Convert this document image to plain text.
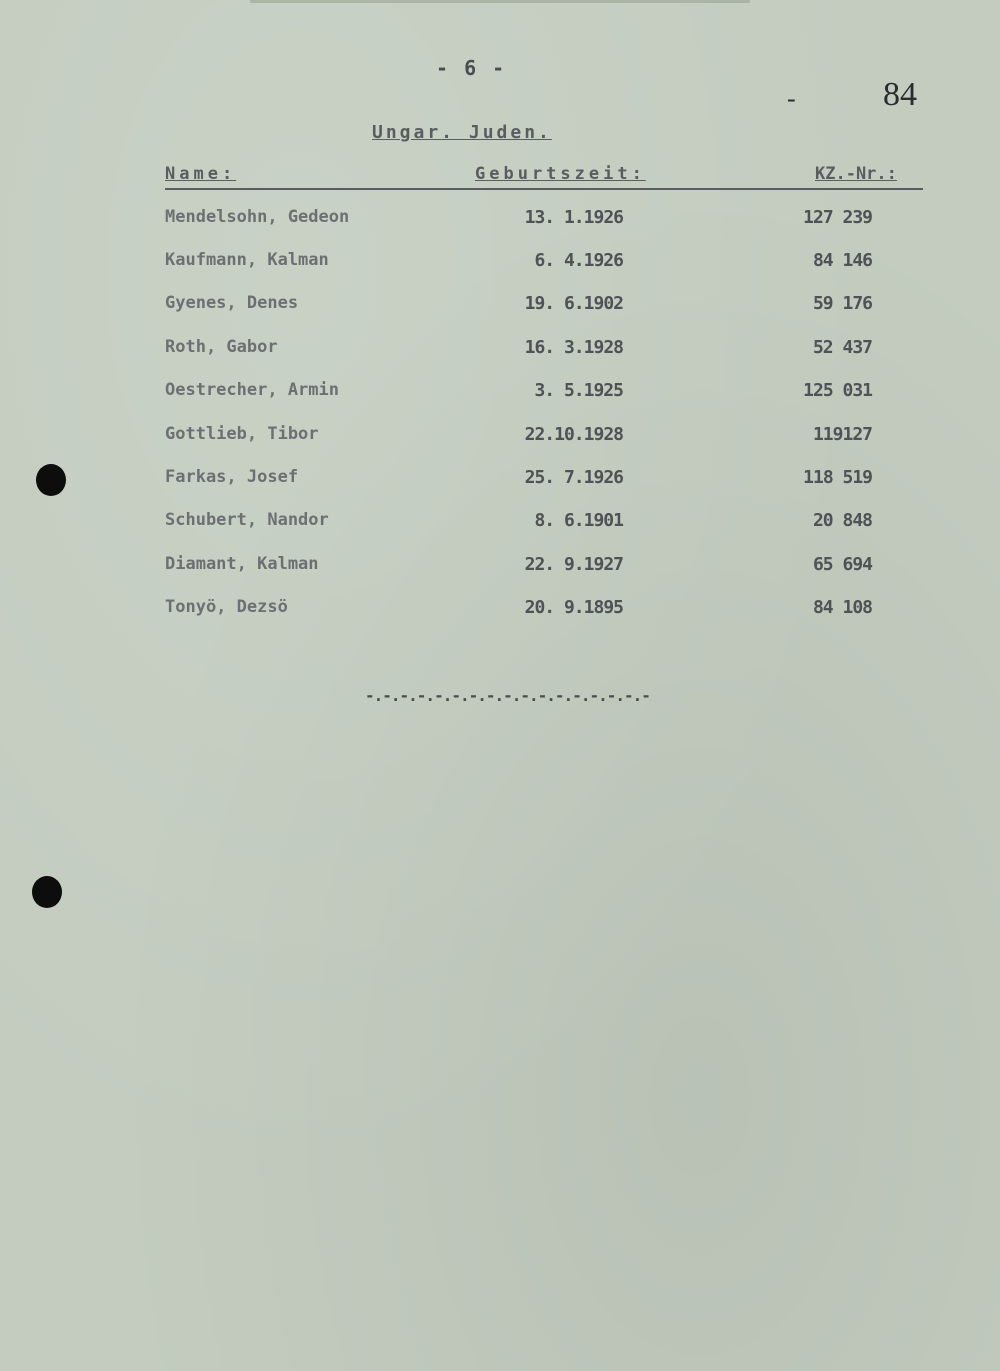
- 6 -
-	84
Ungar. Juden.
Name:	Geburtszeit:	KZ.-Nr.:
Mendelsohn, Gedeon	13. 1.1926	127 239
Kaufmann, Kalman	6. 4.1926	84 146
Gyenes, Denes	19. 6.1902	59 176
Roth, Gabor	16. 3.1928	52 437
Oestrecher, Armin	3. 5.1925	125 031
Gottlieb, Tibor	22.10.1928	119127
Farkas, Josef	25. 7.1926	118 519
Schubert, Nandor	8. 6.1901	20 848
Diamant, Kalman	22. 9.1927	65 694
Tonyö, Dezsö	20. 9.1895	84 108
-.-.-.-.-.-.-.-.-.-.-.-.-.-.-.-.-
